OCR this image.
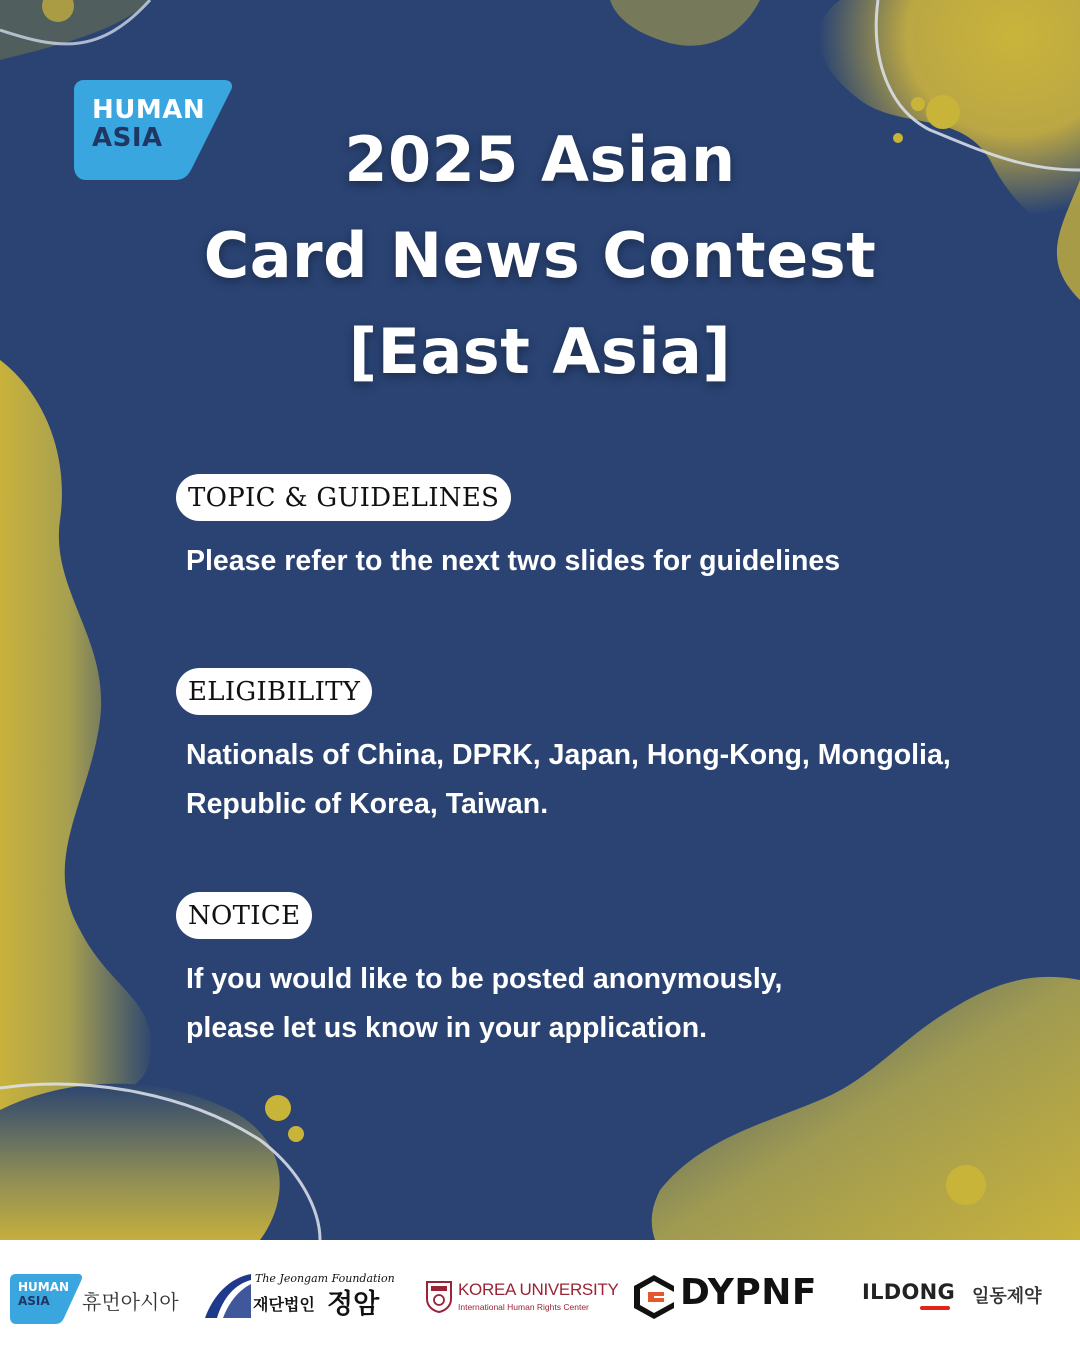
HUMAN
ASIA	2025 Asian
Card News Contest
[East Asia]
TOPIC & GUIDELINES
Please refer to the next two slides for guidelines
ELIGIBILITY
Nationals of China, DPRK, Japan, Hong-Kong, Mongolia,
Republic of Korea, Taiwan.
NOTICE
If you would like to be posted anonymously,
please let us know in your application.
HUMAN
ASIA	휴먼아시아
The Jeongam Foundation
재단법인 정암	KOREA UNIVERSITY
International Human Rights Center	DYPNF ILDONG 일동제약
